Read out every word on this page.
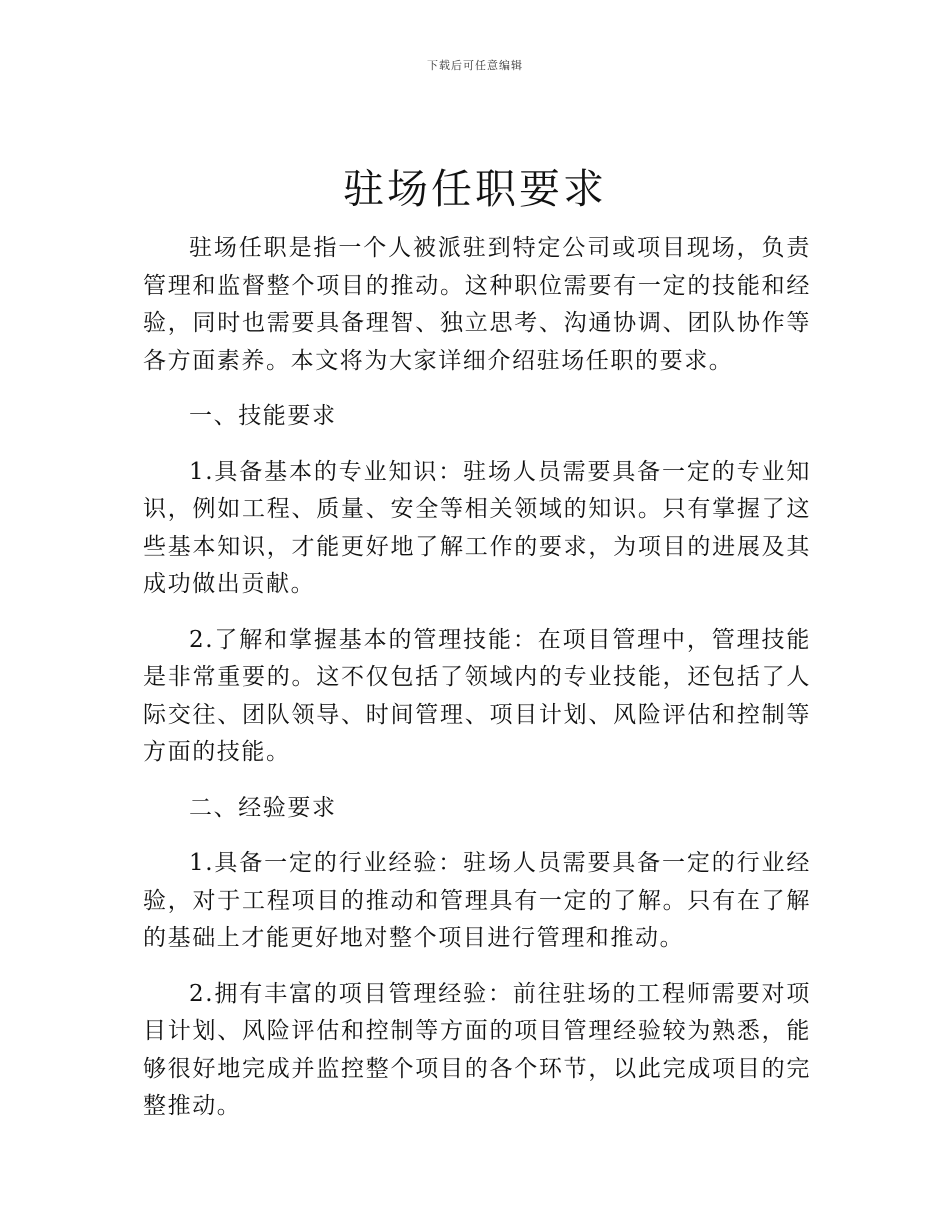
下载后可任意编辑
驻场任职要求

驻场任职是指一个人被派驻到特定公司或项目现场，负责管理和监督整个项目的推动。这种职位需要有一定的技能和经验，同时也需要具备理智、独立思考、沟通协调、团队协作等各方面素养。本文将为大家详细介绍驻场任职的要求。

一、技能要求

1.具备基本的专业知识：驻场人员需要具备一定的专业知识，例如工程、质量、安全等相关领域的知识。只有掌握了这些基本知识，才能更好地了解工作的要求，为项目的进展及其成功做出贡献。

2.了解和掌握基本的管理技能：在项目管理中，管理技能是非常重要的。这不仅包括了领域内的专业技能，还包括了人际交往、团队领导、时间管理、项目计划、风险评估和控制等方面的技能。

二、经验要求

1.具备一定的行业经验：驻场人员需要具备一定的行业经验，对于工程项目的推动和管理具有一定的了解。只有在了解的基础上才能更好地对整个项目进行管理和推动。

2.拥有丰富的项目管理经验：前往驻场的工程师需要对项目计划、风险评估和控制等方面的项目管理经验较为熟悉，能够很好地完成并监控整个项目的各个环节，以此完成项目的完整推动。
